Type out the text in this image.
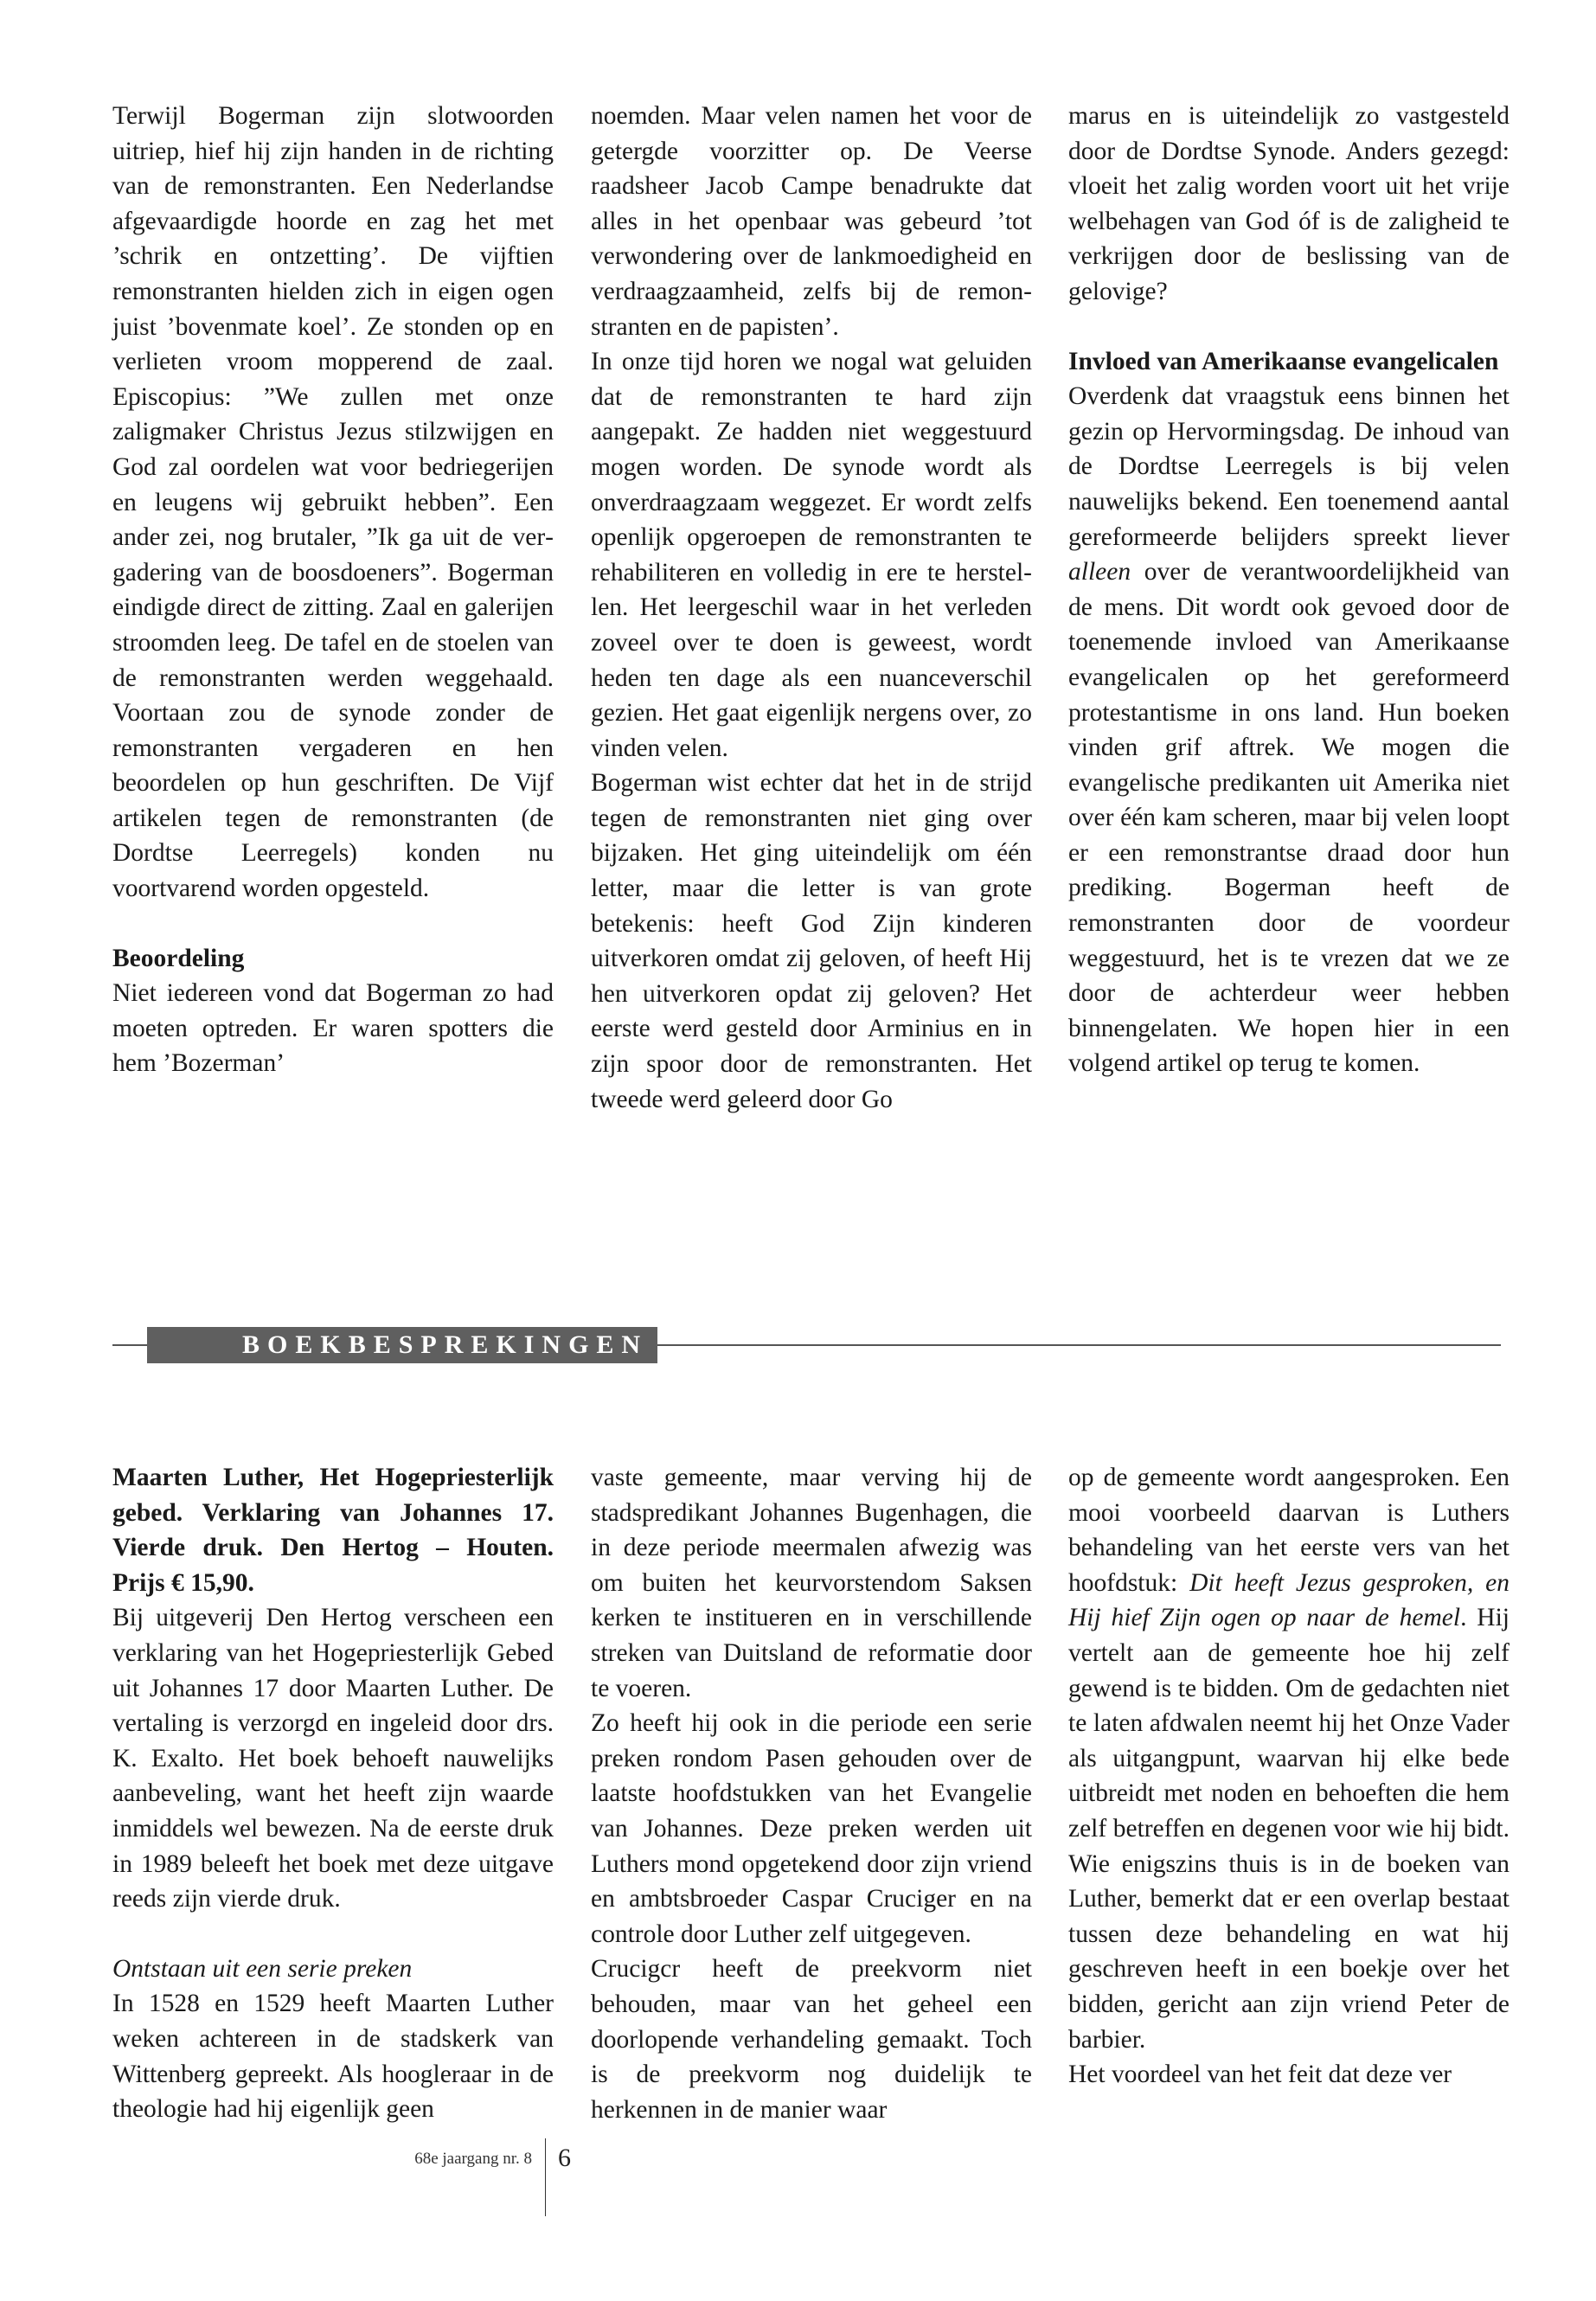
Terwijl Bogerman zijn slotwoorden uitriep, hief hij zijn handen in de richting van de remonstranten. Een Nederlandse afgevaardigde hoorde en zag het met ’schrik en ontzetting’. De vijftien remonstranten hielden zich in eigen ogen juist ’bovenmate koel’. Ze stonden op en verlieten vroom mopperend de zaal. Episcopius: ”We zullen met onze zaligmaker Christus Jezus stilzwijgen en God zal oordelen wat voor bedriegerijen en leugens wij gebruikt hebben”. Een ander zei, nog brutaler, ”Ik ga uit de vergadering van de boosdoeners”. Bogerman eindigde direct de zitting. Zaal en galerijen stroomden leeg. De tafel en de stoelen van de remonstranten werden weggehaald. Voortaan zou de synode zonder de remonstranten vergaderen en hen beoordelen op hun geschriften. De Vijf artikelen tegen de remonstranten (de Dordtse Leerregels) konden nu voortvarend worden opgesteld.

Beoordeling

Niet iedereen vond dat Bogerman zo had moeten optreden. Er waren spotters die hem ’Bozerman’

noemden. Maar velen namen het voor de getergde voorzitter op. De Veerse raadsheer Jacob Campe benadrukte dat alles in het openbaar was gebeurd ’tot verwondering over de lankmoedigheid en verdraagzaamheid, zelfs bij de remonstranten en de papisten’.

In onze tijd horen we nogal wat geluiden dat de remonstranten te hard zijn aangepakt. Ze hadden niet weggestuurd mogen worden. De synode wordt als onverdraagzaam weggezet. Er wordt zelfs openlijk opgeroepen de remonstranten te rehabiliteren en volledig in ere te herstellen. Het leergeschil waar in het verleden zoveel over te doen is geweest, wordt heden ten dage als een nuanceverschil gezien. Het gaat eigenlijk nergens over, zo vinden velen.

Bogerman wist echter dat het in de strijd tegen de remonstranten niet ging over bijzaken. Het ging uiteindelijk om één letter, maar die letter is van grote betekenis: heeft God Zijn kinderen uitverkoren omdat zij geloven, of heeft Hij hen uitverkoren opdat zij geloven? Het eerste werd gesteld door Arminius en in zijn spoor door de remonstranten. Het tweede werd geleerd door Go

marus en is uiteindelijk zo vastgesteld door de Dordtse Synode. Anders gezegd: vloeit het zalig worden voort uit het vrije welbehagen van God óf is de zaligheid te verkrijgen door de beslissing van de gelovige?

Invloed van Amerikaanse evangelicalen

Overdenk dat vraagstuk eens binnen het gezin op Hervormingsdag. De inhoud van de Dordtse Leerregels is bij velen nauwelijks bekend. Een toenemend aantal gereformeerde belijders spreekt liever alleen over de verantwoordelijkheid van de mens. Dit wordt ook gevoed door de toenemende invloed van Amerikaanse evangelicalen op het gereformeerd protestantisme in ons land. Hun boeken vinden grif aftrek. We mogen die evangelische predikanten uit Amerika niet over één kam scheren, maar bij velen loopt er een remonstrantse draad door hun prediking. Bogerman heeft de remonstranten door de voordeur weggestuurd, het is te vrezen dat we ze door de achterdeur weer hebben binnengelaten. We hopen hier in een volgend artikel op terug te komen.

BOEKBESPREKINGEN
Maarten Luther, Het Hogepriesterlijk gebed. Verklaring van Johannes 17. Vierde druk. Den Hertog – Houten. Prijs € 15,90.

Bij uitgeverij Den Hertog verscheen een verklaring van het Hogepriesterlijk Gebed uit Johannes 17 door Maarten Luther. De vertaling is verzorgd en ingeleid door drs. K. Exalto. Het boek behoeft nauwelijks aanbeveling, want het heeft zijn waarde inmiddels wel bewezen. Na de eerste druk in 1989 beleeft het boek met deze uitgave reeds zijn vierde druk.

Ontstaan uit een serie preken

In 1528 en 1529 heeft Maarten Luther weken achtereen in de stadskerk van Wittenberg gepreekt. Als hoogleraar in de theologie had hij eigenlijk geen

vaste gemeente, maar verving hij de stadspredikant Johannes Bugenhagen, die in deze periode meermalen afwezig was om buiten het keurvorstendom Saksen kerken te institueren en in verschillende streken van Duitsland de reformatie door te voeren.

Zo heeft hij ook in die periode een serie preken rondom Pasen gehouden over de laatste hoofdstukken van het Evangelie van Johannes. Deze preken werden uit Luthers mond opgetekend door zijn vriend en ambtsbroeder Caspar Cruciger en na controle door Luther zelf uitgegeven.

Crucigcr heeft de preekvorm niet behouden, maar van het geheel een doorlopende verhandeling gemaakt. Toch is de preekvorm nog duidelijk te herkennen in de manier waar

op de gemeente wordt aangesproken. Een mooi voorbeeld daarvan is Luthers behandeling van het eerste vers van het hoofdstuk: Dit heeft Jezus gesproken, en Hij hief Zijn ogen op naar de hemel. Hij vertelt aan de gemeente hoe hij zelf gewend is te bidden. Om de gedachten niet te laten afdwalen neemt hij het Onze Vader als uitgangpunt, waarvan hij elke bede uitbreidt met noden en behoeften die hem zelf betreffen en degenen voor wie hij bidt. Wie enigszins thuis is in de boeken van Luther, bemerkt dat er een overlap bestaat tussen deze behandeling en wat hij geschreven heeft in een boekje over het bidden, gericht aan zijn vriend Peter de barbier.

Het voordeel van het feit dat deze ver

68e jaargang nr. 8 6
